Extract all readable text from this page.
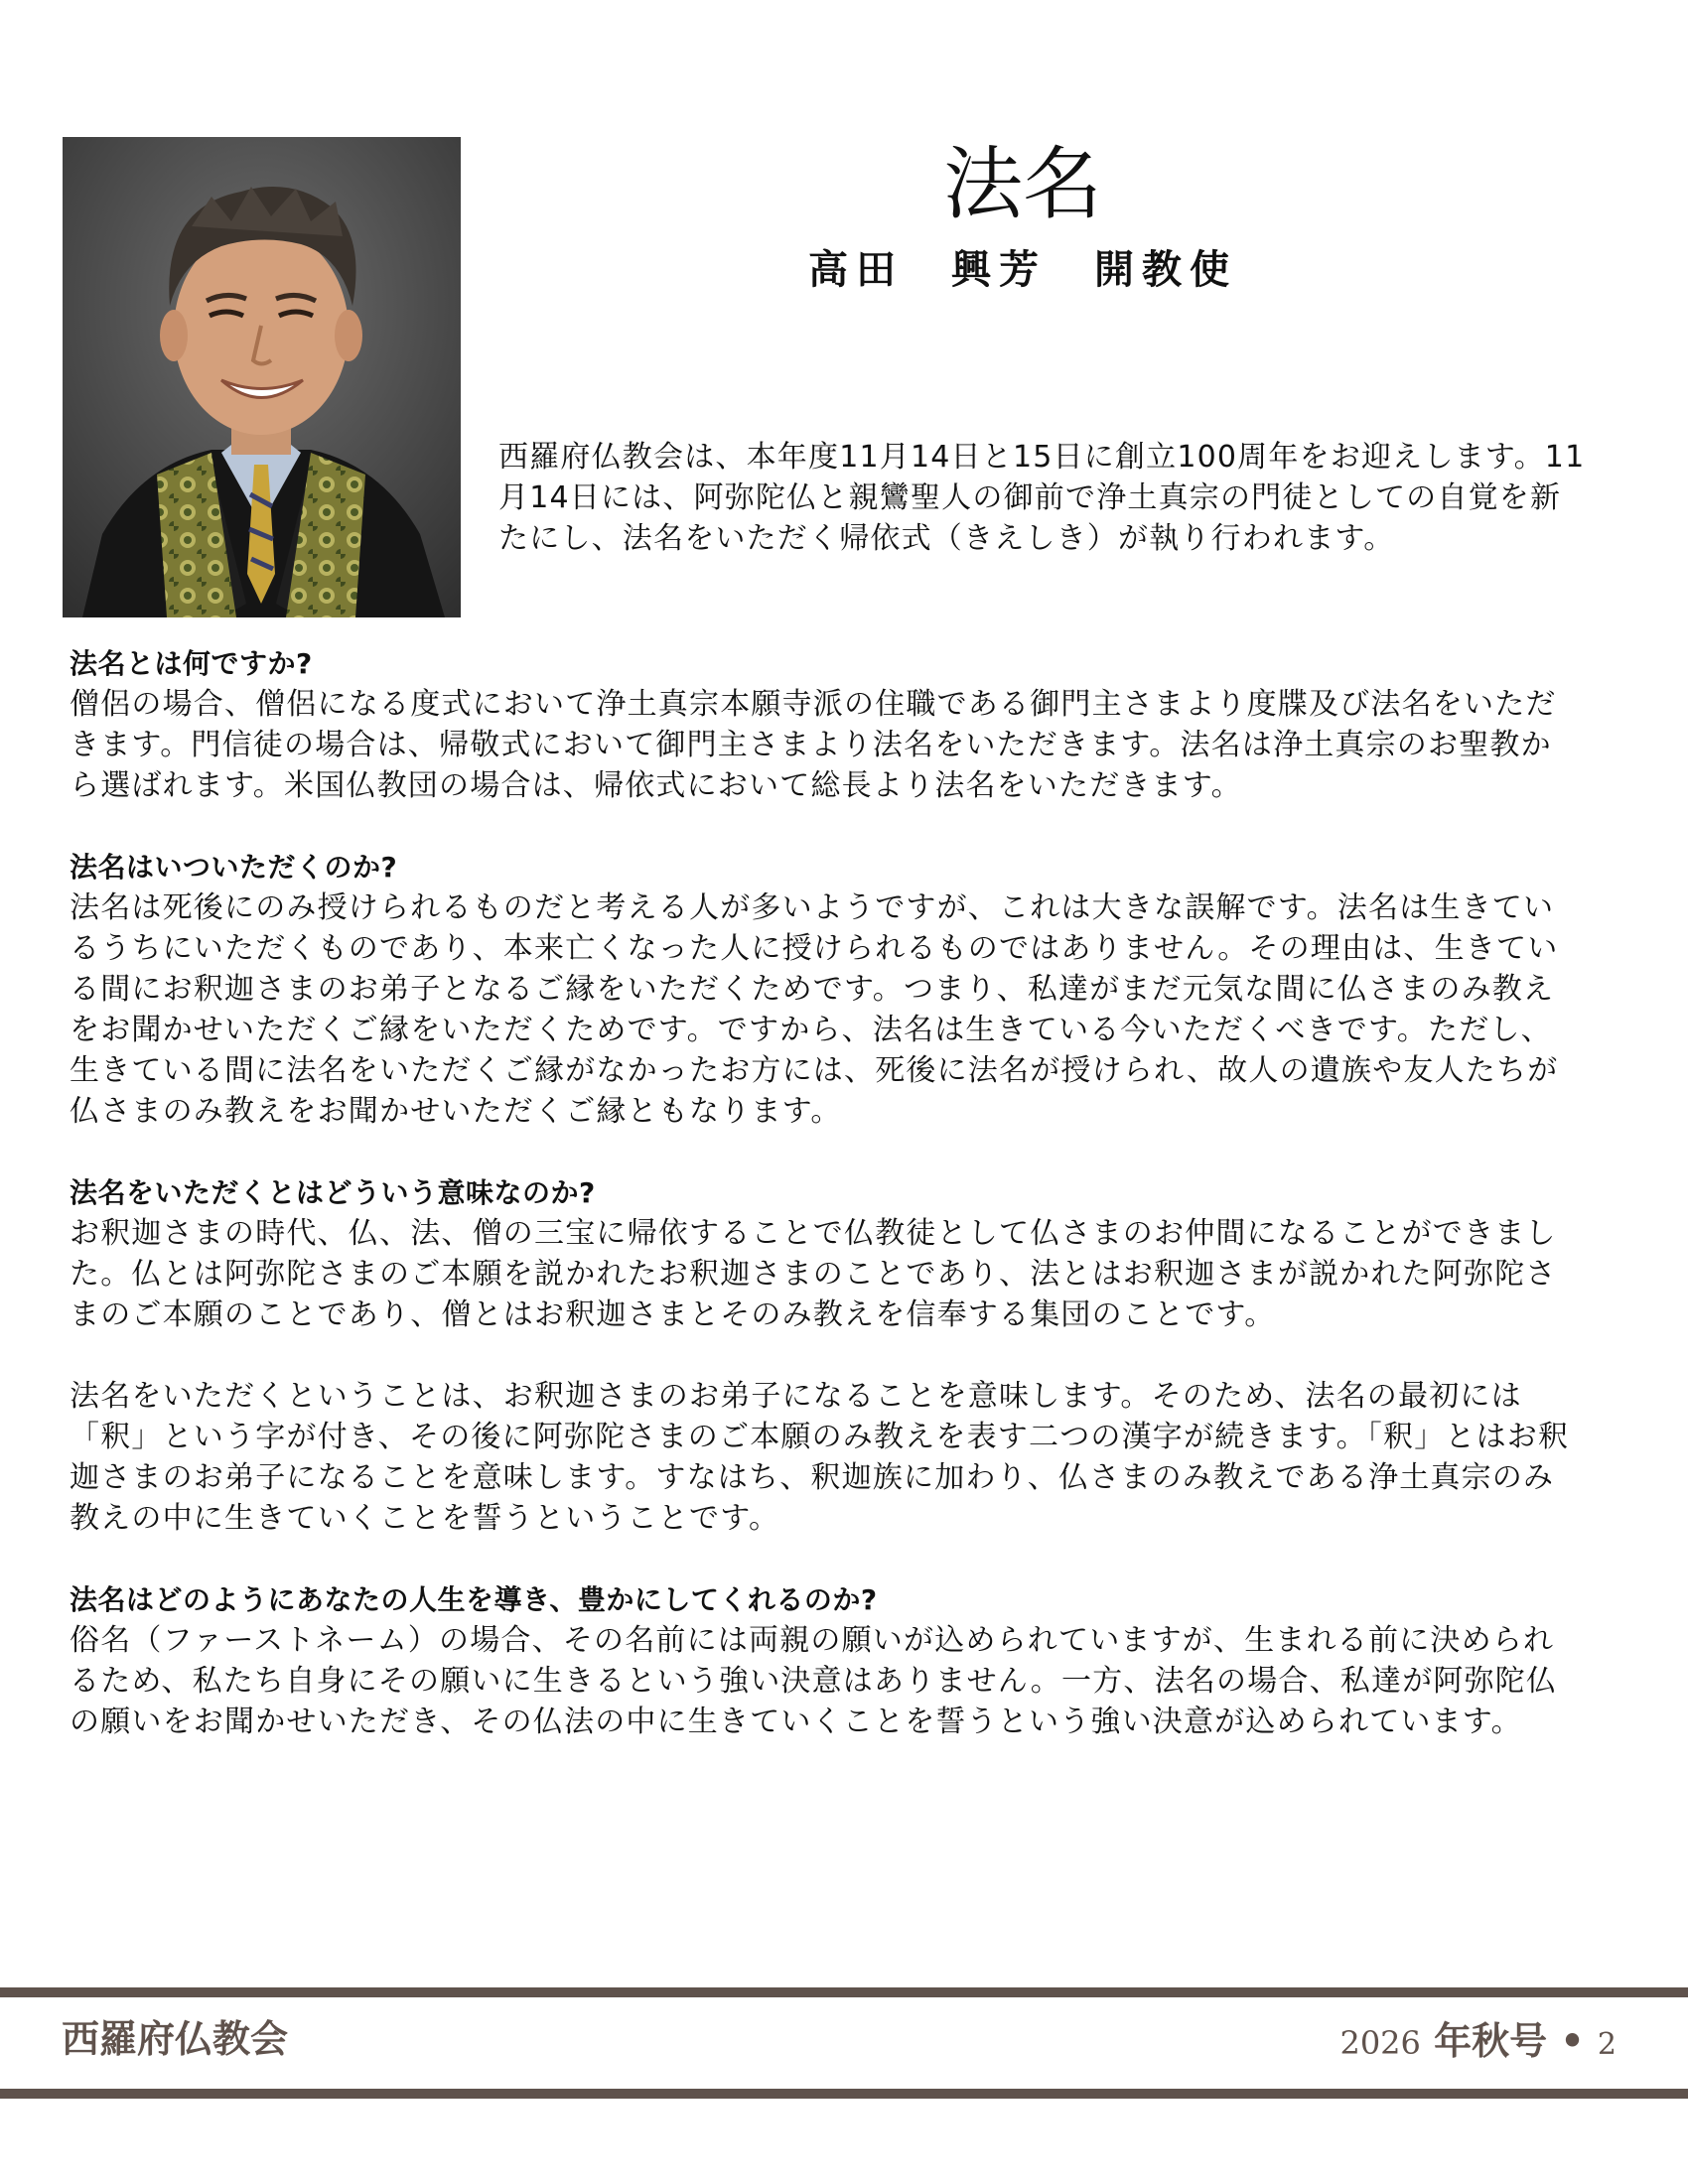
法名
高田　興芳　開教使

西羅府仏教会は、本年度11月14日と15日に創立100周年をお迎えします。11月14日には、阿弥陀仏と親鸞聖人の御前で浄土真宗の門徒としての自覚を新たにし、法名をいただく帰依式（きえしき）が執り行われます。

法名とは何ですか?

僧侶の場合、僧侶になる度式において浄土真宗本願寺派の住職である御門主さまより度牒及び法名をいただきます。門信徒の場合は、帰敬式において御門主さまより法名をいただきます。法名は浄土真宗のお聖教から選ばれます。米国仏教団の場合は、帰依式において総長より法名をいただきます。

法名はいついただくのか?

法名は死後にのみ授けられるものだと考える人が多いようですが、これは大きな誤解です。法名は生きているうちにいただくものであり、本来亡くなった人に授けられるものではありません。その理由は、生きている間にお釈迦さまのお弟子となるご縁をいただくためです。つまり、私達がまだ元気な間に仏さまのみ教えをお聞かせいただくご縁をいただくためです。ですから、法名は生きている今いただくべきです。ただし、生きている間に法名をいただくご縁がなかったお方には、死後に法名が授けられ、故人の遺族や友人たちが仏さまのみ教えをお聞かせいただくご縁ともなります。

法名をいただくとはどういう意味なのか?

お釈迦さまの時代、仏、法、僧の三宝に帰依することで仏教徒として仏さまのお仲間になることができました。仏とは阿弥陀さまのご本願を説かれたお釈迦さまのことであり、法とはお釈迦さまが説かれた阿弥陀さまのご本願のことであり、僧とはお釈迦さまとそのみ教えを信奉する集団のことです。

法名をいただくということは、お釈迦さまのお弟子になることを意味します。そのため、法名の最初には「釈」という字が付き、その後に阿弥陀さまのご本願のみ教えを表す二つの漢字が続きます。「釈」とはお釈迦さまのお弟子になることを意味します。すなはち、釈迦族に加わり、仏さまのみ教えである浄土真宗のみ教えの中に生きていくことを誓うということです。

法名はどのようにあなたの人生を導き、豊かにしてくれるのか?

俗名（ファーストネーム）の場合、その名前には両親の願いが込められていますが、生まれる前に決められるため、私たち自身にその願いに生きるという強い決意はありません。一方、法名の場合、私達が阿弥陀仏の願いをお聞かせいただき、その仏法の中に生きていくことを誓うという強い決意が込められています。

西羅府仏教会	2026 年秋号 • 2
